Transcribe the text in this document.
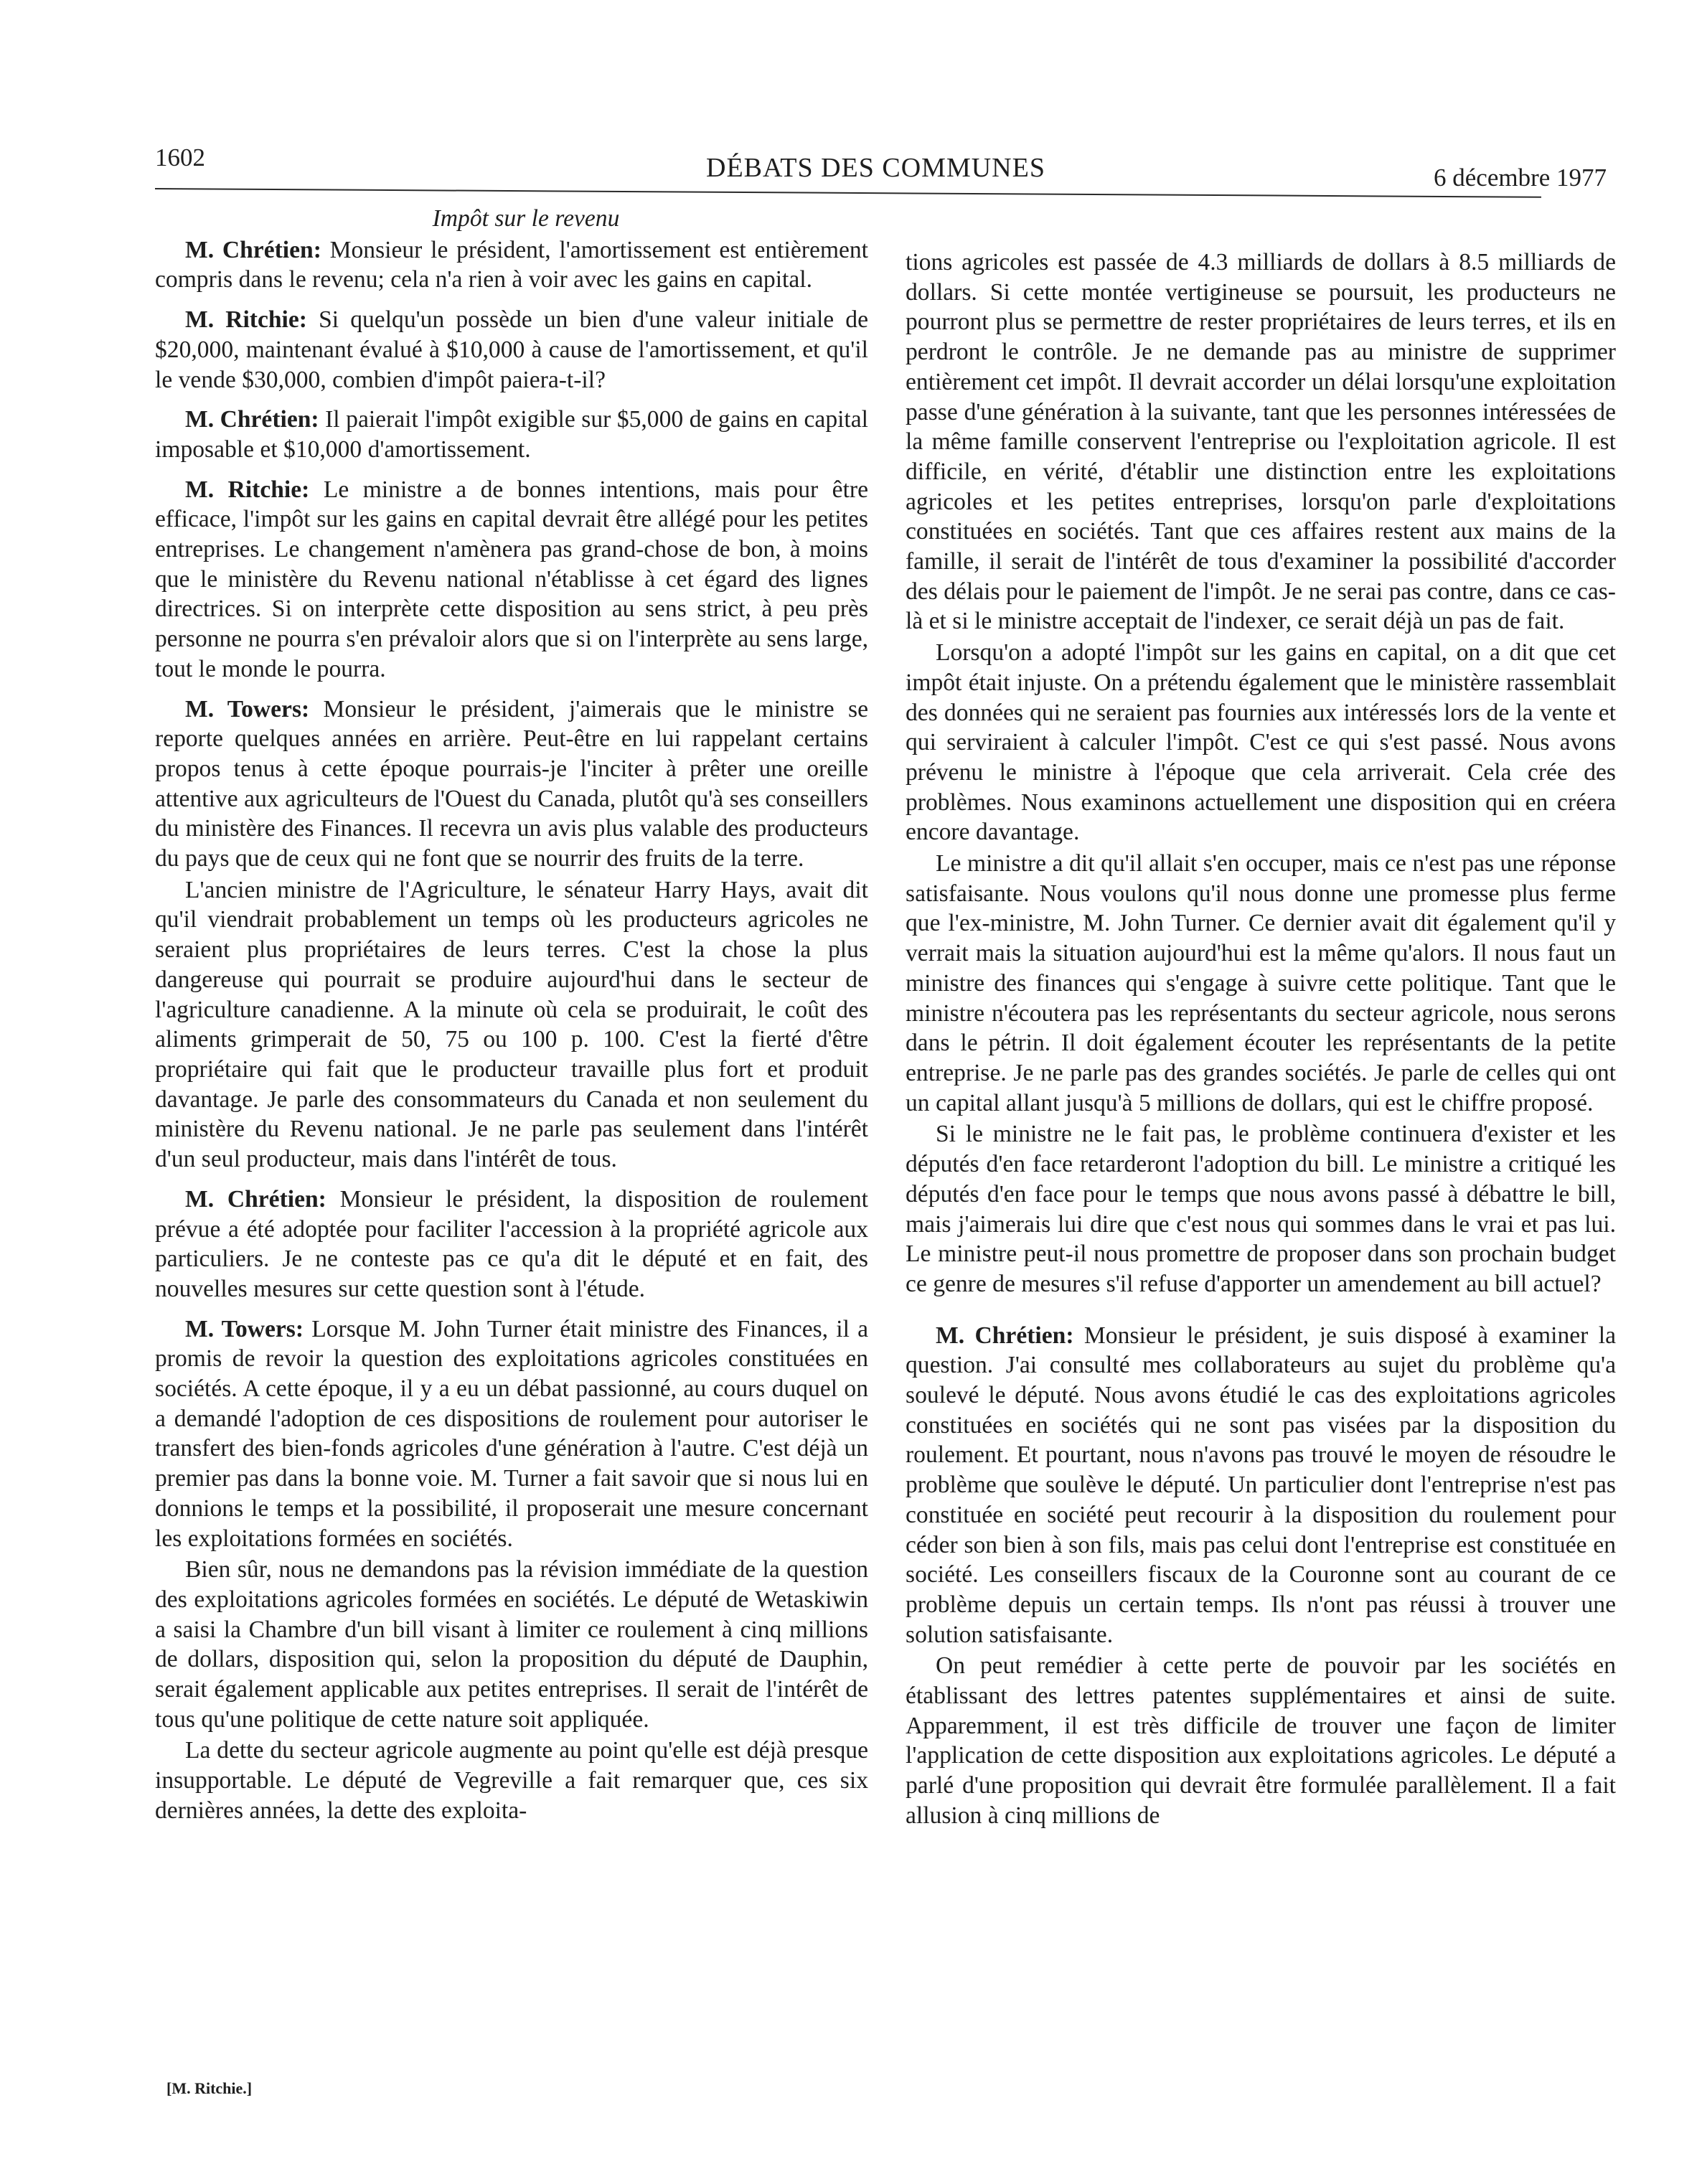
1602	DÉBATS DES COMMUNES	6 décembre 1977
Impôt sur le revenu

M. Chrétien: Monsieur le président, l'amortissement est entièrement compris dans le revenu; cela n'a rien à voir avec les gains en capital.

M. Ritchie: Si quelqu'un possède un bien d'une valeur initiale de $20,000, maintenant évalué à $10,000 à cause de l'amortissement, et qu'il le vende $30,000, combien d'impôt paiera-t-il?

M. Chrétien: Il paierait l'impôt exigible sur $5,000 de gains en capital imposable et $10,000 d'amortissement.

M. Ritchie: Le ministre a de bonnes intentions, mais pour être efficace, l'impôt sur les gains en capital devrait être allégé pour les petites entreprises. Le changement n'amènera pas grand-chose de bon, à moins que le ministère du Revenu national n'établisse à cet égard des lignes directrices. Si on interprète cette disposition au sens strict, à peu près personne ne pourra s'en prévaloir alors que si on l'interprète au sens large, tout le monde le pourra.

M. Towers: Monsieur le président, j'aimerais que le ministre se reporte quelques années en arrière. Peut-être en lui rappelant certains propos tenus à cette époque pourrais-je l'inciter à prêter une oreille attentive aux agriculteurs de l'Ouest du Canada, plutôt qu'à ses conseillers du ministère des Finances. Il recevra un avis plus valable des producteurs du pays que de ceux qui ne font que se nourrir des fruits de la terre.

L'ancien ministre de l'Agriculture, le sénateur Harry Hays, avait dit qu'il viendrait probablement un temps où les producteurs agricoles ne seraient plus propriétaires de leurs terres. C'est la chose la plus dangereuse qui pourrait se produire aujourd'hui dans le secteur de l'agriculture canadienne. A la minute où cela se produirait, le coût des aliments grimperait de 50, 75 ou 100 p. 100. C'est la fierté d'être propriétaire qui fait que le producteur travaille plus fort et produit davantage. Je parle des consommateurs du Canada et non seulement du ministère du Revenu national. Je ne parle pas seulement dans l'intérêt d'un seul producteur, mais dans l'intérêt de tous.

M. Chrétien: Monsieur le président, la disposition de roulement prévue a été adoptée pour faciliter l'accession à la propriété agricole aux particuliers. Je ne conteste pas ce qu'a dit le député et en fait, des nouvelles mesures sur cette question sont à l'étude.

M. Towers: Lorsque M. John Turner était ministre des Finances, il a promis de revoir la question des exploitations agricoles constituées en sociétés. A cette époque, il y a eu un débat passionné, au cours duquel on a demandé l'adoption de ces dispositions de roulement pour autoriser le transfert des bien-fonds agricoles d'une génération à l'autre. C'est déjà un premier pas dans la bonne voie. M. Turner a fait savoir que si nous lui en donnions le temps et la possibilité, il proposerait une mesure concernant les exploitations formées en sociétés.

Bien sûr, nous ne demandons pas la révision immédiate de la question des exploitations agricoles formées en sociétés. Le député de Wetaskiwin a saisi la Chambre d'un bill visant à limiter ce roulement à cinq millions de dollars, disposition qui, selon la proposition du député de Dauphin, serait également applicable aux petites entreprises. Il serait de l'intérêt de tous qu'une politique de cette nature soit appliquée.

La dette du secteur agricole augmente au point qu'elle est déjà presque insupportable. Le député de Vegreville a fait remarquer que, ces six dernières années, la dette des exploita-

tions agricoles est passée de 4.3 milliards de dollars à 8.5 milliards de dollars. Si cette montée vertigineuse se poursuit, les producteurs ne pourront plus se permettre de rester propriétaires de leurs terres, et ils en perdront le contrôle. Je ne demande pas au ministre de supprimer entièrement cet impôt. Il devrait accorder un délai lorsqu'une exploitation passe d'une génération à la suivante, tant que les personnes intéressées de la même famille conservent l'entreprise ou l'exploitation agricole. Il est difficile, en vérité, d'établir une distinction entre les exploitations agricoles et les petites entreprises, lorsqu'on parle d'exploitations constituées en sociétés. Tant que ces affaires restent aux mains de la famille, il serait de l'intérêt de tous d'examiner la possibilité d'accorder des délais pour le paiement de l'impôt. Je ne serai pas contre, dans ce cas-là et si le ministre acceptait de l'indexer, ce serait déjà un pas de fait.

Lorsqu'on a adopté l'impôt sur les gains en capital, on a dit que cet impôt était injuste. On a prétendu également que le ministère rassemblait des données qui ne seraient pas fournies aux intéressés lors de la vente et qui serviraient à calculer l'impôt. C'est ce qui s'est passé. Nous avons prévenu le ministre à l'époque que cela arriverait. Cela crée des problèmes. Nous examinons actuellement une disposition qui en créera encore davantage.

Le ministre a dit qu'il allait s'en occuper, mais ce n'est pas une réponse satisfaisante. Nous voulons qu'il nous donne une promesse plus ferme que l'ex-ministre, M. John Turner. Ce dernier avait dit également qu'il y verrait mais la situation aujourd'hui est la même qu'alors. Il nous faut un ministre des finances qui s'engage à suivre cette politique. Tant que le ministre n'écoutera pas les représentants du secteur agricole, nous serons dans le pétrin. Il doit également écouter les représentants de la petite entreprise. Je ne parle pas des grandes sociétés. Je parle de celles qui ont un capital allant jusqu'à 5 millions de dollars, qui est le chiffre proposé.

Si le ministre ne le fait pas, le problème continuera d'exister et les députés d'en face retarderont l'adoption du bill. Le ministre a critiqué les députés d'en face pour le temps que nous avons passé à débattre le bill, mais j'aimerais lui dire que c'est nous qui sommes dans le vrai et pas lui. Le ministre peut-il nous promettre de proposer dans son prochain budget ce genre de mesures s'il refuse d'apporter un amendement au bill actuel?

M. Chrétien: Monsieur le président, je suis disposé à examiner la question. J'ai consulté mes collaborateurs au sujet du problème qu'a soulevé le député. Nous avons étudié le cas des exploitations agricoles constituées en sociétés qui ne sont pas visées par la disposition du roulement. Et pourtant, nous n'avons pas trouvé le moyen de résoudre le problème que soulève le député. Un particulier dont l'entreprise n'est pas constituée en société peut recourir à la disposition du roulement pour céder son bien à son fils, mais pas celui dont l'entreprise est constituée en société. Les conseillers fiscaux de la Couronne sont au courant de ce problème depuis un certain temps. Ils n'ont pas réussi à trouver une solution satisfaisante.

On peut remédier à cette perte de pouvoir par les sociétés en établissant des lettres patentes supplémentaires et ainsi de suite. Apparemment, il est très difficile de trouver une façon de limiter l'application de cette disposition aux exploitations agricoles. Le député a parlé d'une proposition qui devrait être formulée parallèlement. Il a fait allusion à cinq millions de

[M. Ritchie.]
